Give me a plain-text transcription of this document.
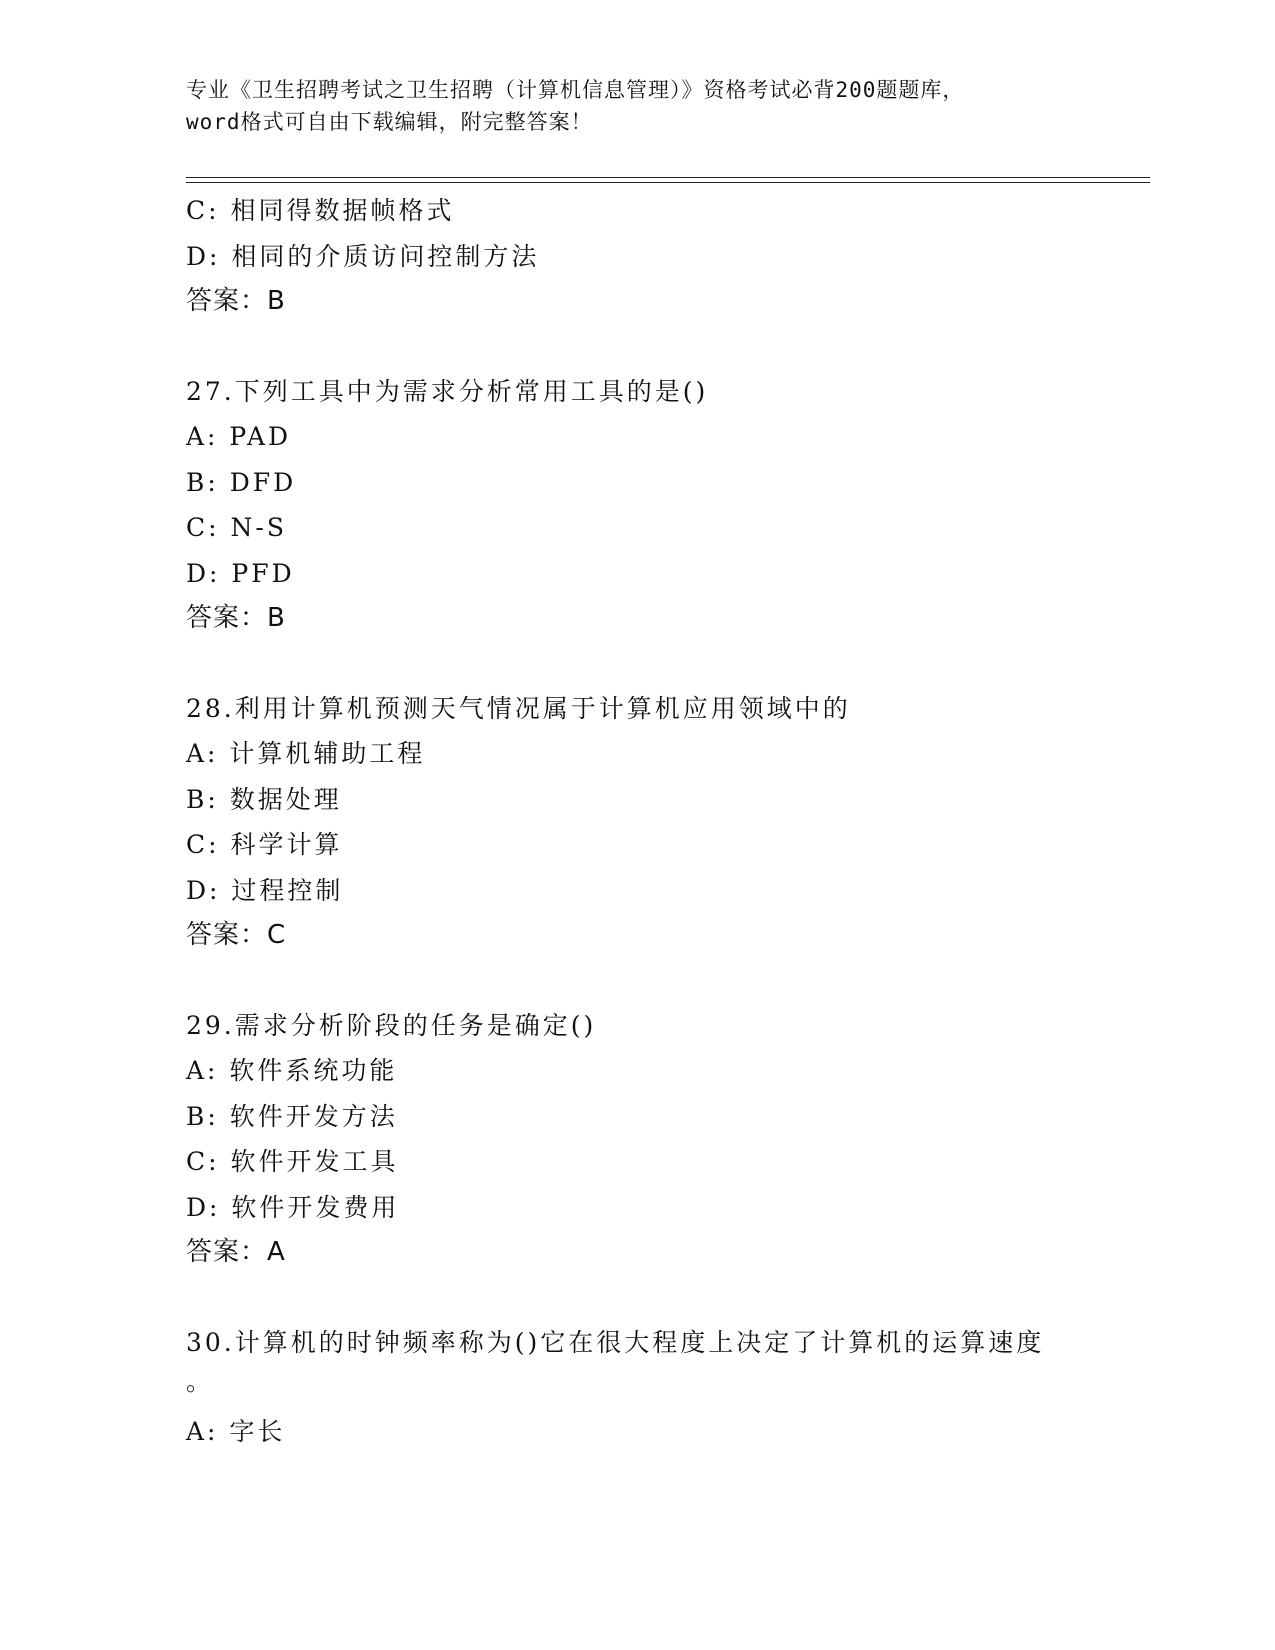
专业《卫生招聘考试之卫生招聘（计算机信息管理）》资格考试必背200题题库，
word格式可自由下载编辑，附完整答案！
C: 相同得数据帧格式
D: 相同的介质访问控制方法
答案：B
27.下列工具中为需求分析常用工具的是()
A: PAD
B: DFD
C: N-S
D: PFD
答案：B
28.利用计算机预测天气情况属于计算机应用领域中的
A: 计算机辅助工程
B: 数据处理
C: 科学计算
D: 过程控制
答案：C
29.需求分析阶段的任务是确定()
A: 软件系统功能
B: 软件开发方法
C: 软件开发工具
D: 软件开发费用
答案：A
30.计算机的时钟频率称为()它在很大程度上决定了计算机的运算速度
。
A: 字长
